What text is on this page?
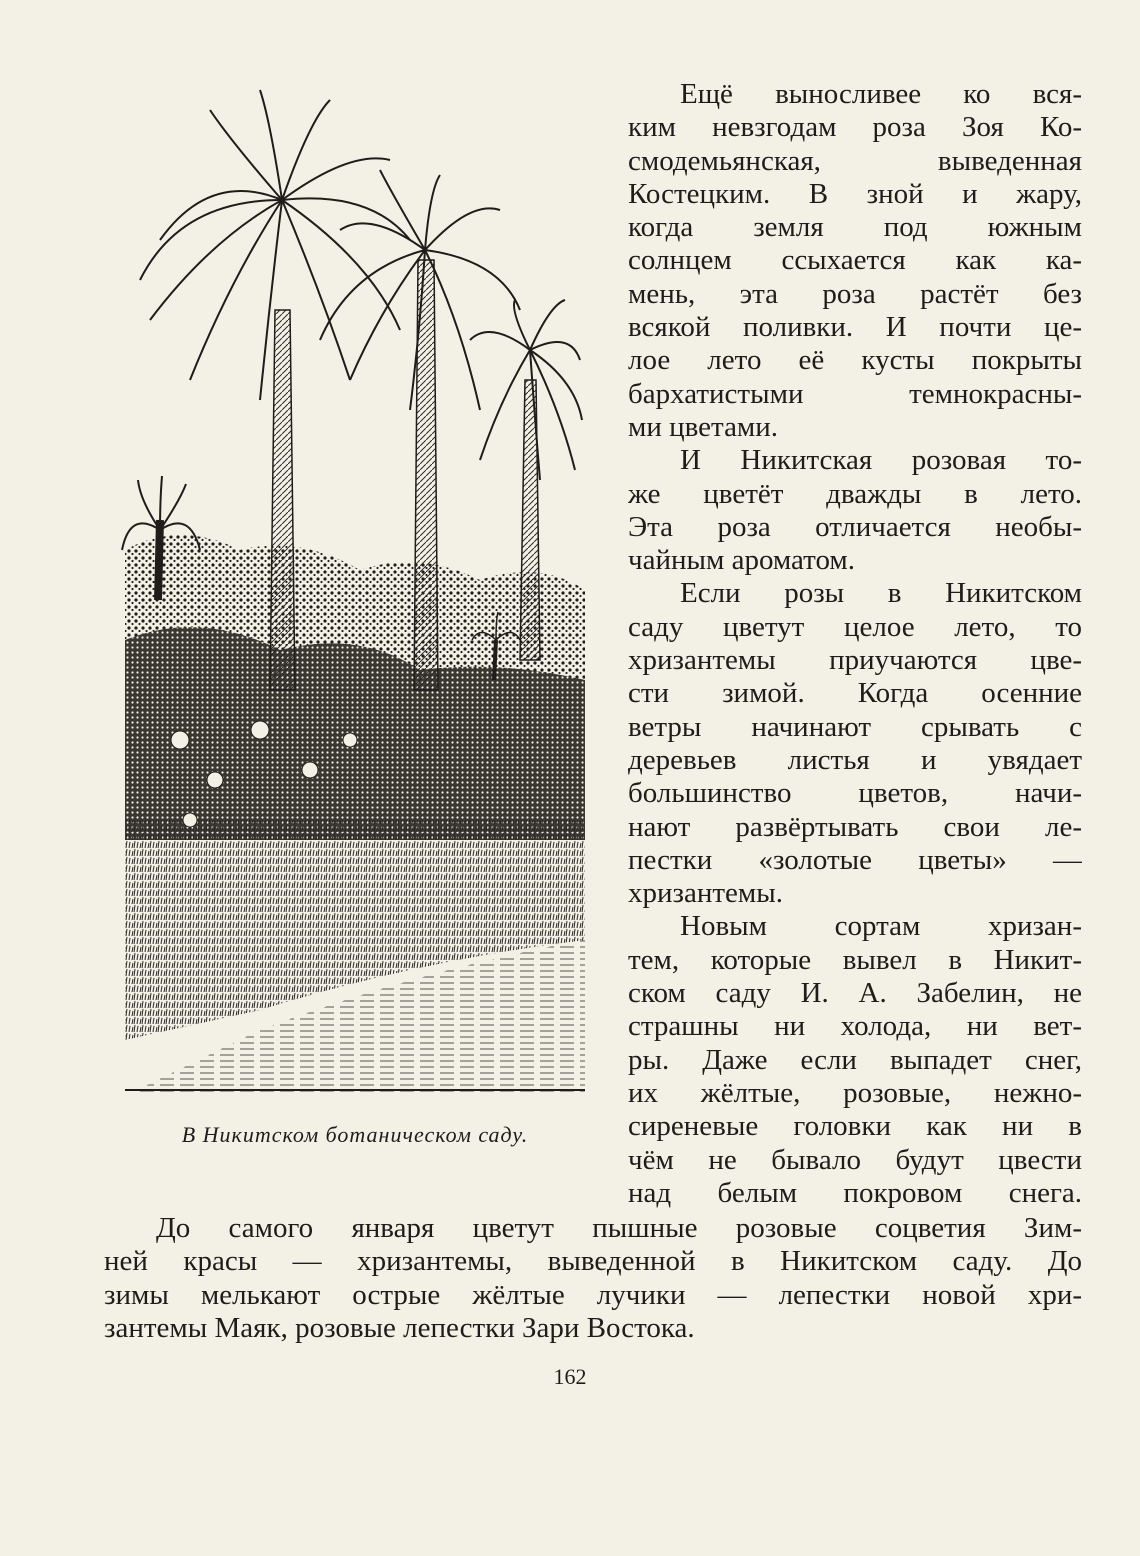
В Никитском ботаническом саду.

Ещё выносливее ко вся-
ким невзгодам роза Зоя Ко-
смодемьянская, выведенная
Костецким. В зной и жару,
когда земля под южным
солнцем ссыхается как ка-
мень, эта роза растёт без
всякой поливки. И почти це-
лое лето её кусты покрыты
бархатистыми темнокрасны-
ми цветами.

И Никитская розовая то-
же цветёт дважды в лето.
Эта роза отличается необы-
чайным ароматом.

Если розы в Никитском
саду цветут целое лето, то
хризантемы приучаются цве-
сти зимой. Когда осенние
ветры начинают срывать с
деревьев листья и увядает
большинство цветов, начи-
нают развёртывать свои ле-
пестки «золотые цветы» —
хризантемы.

Новым сортам хризан-
тем, которые вывел в Никит-
ском саду И. А. Забелин, не
страшны ни холода, ни вет-
ры. Даже если выпадет снег,
их жёлтые, розовые, нежно-
сиреневые головки как ни в
чём не бывало будут цвести
над белым покровом снега.

До самого января цветут пышные розовые соцветия Зим-
ней красы — хризантемы, выведенной в Никитском саду. До
зимы мелькают острые жёлтые лучики — лепестки новой хри-
зантемы Маяк, розовые лепестки Зари Востока.

162
